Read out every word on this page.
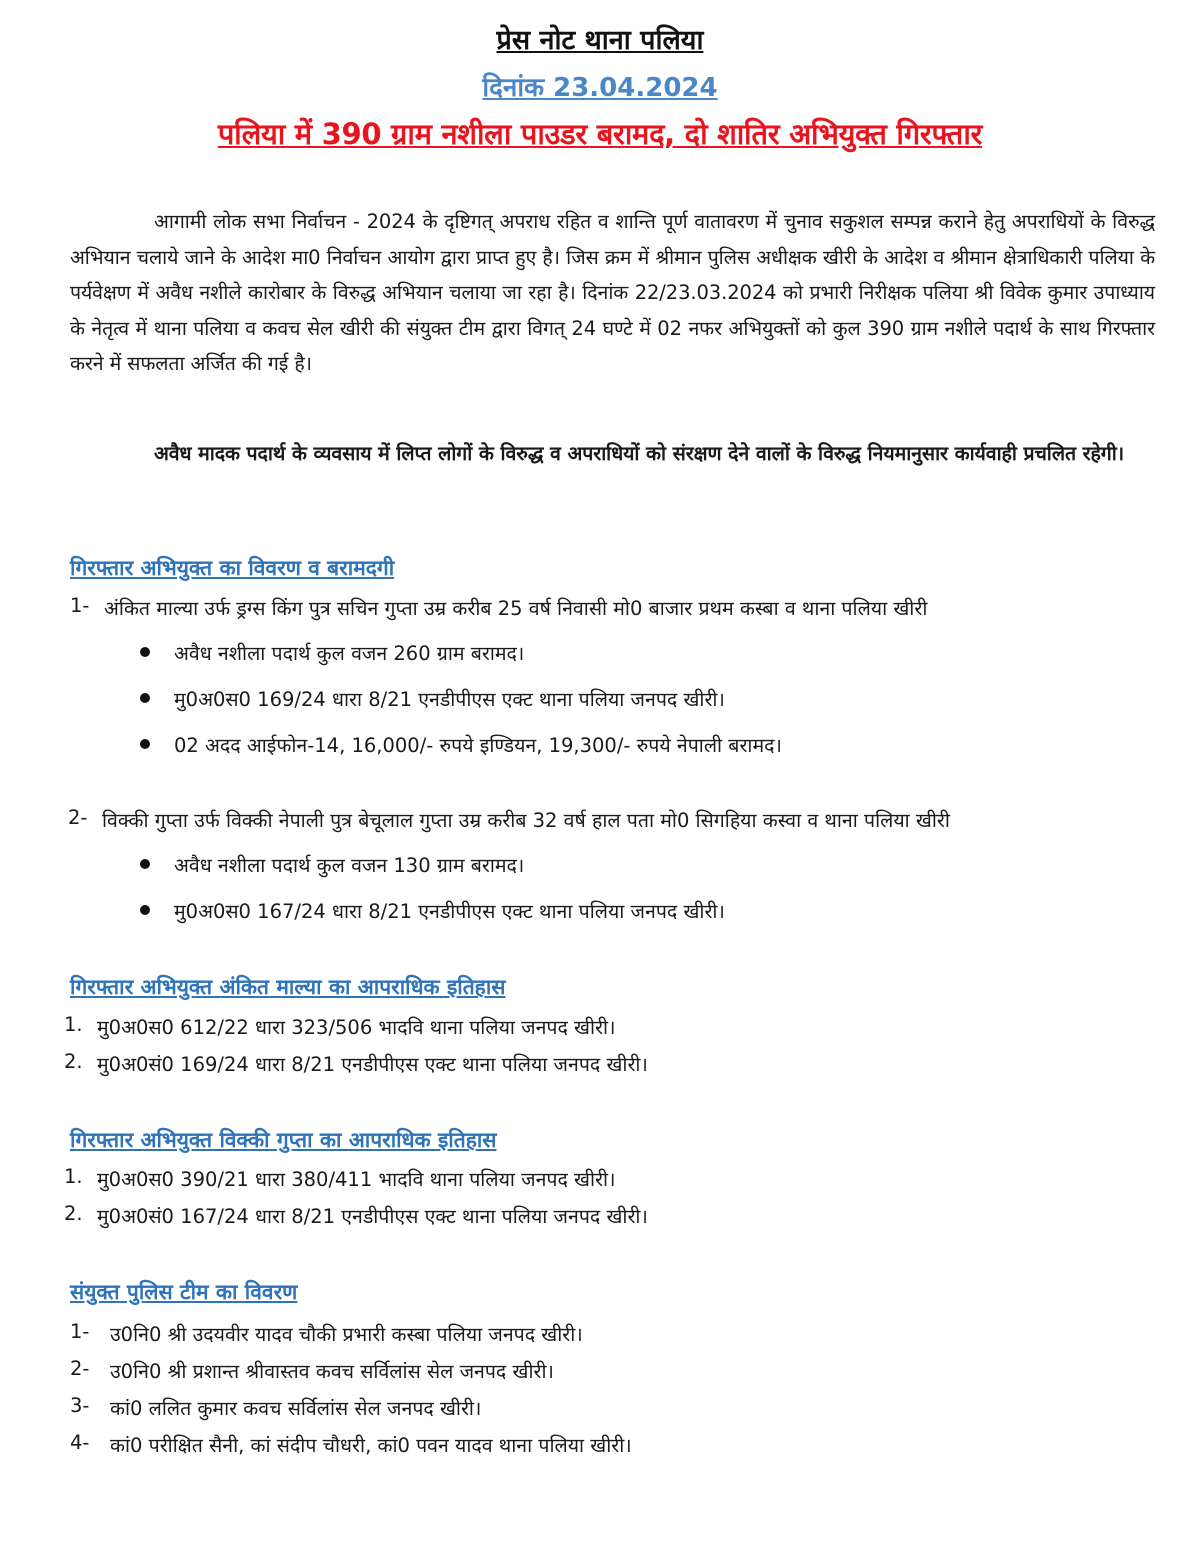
प्रेस नोट थाना पलिया
दिनांक 23.04.2024
पलिया में 390 ग्राम नशीला पाउडर बरामद, दो शातिर अभियुक्त गिरफ्तार
आगामी लोक सभा निर्वाचन - 2024 के दृष्टिगत् अपराध रहित व शान्ति पूर्ण वातावरण में चुनाव सकुशल सम्पन्न कराने हेतु अपराधियों के विरुद्ध अभियान चलाये जाने के आदेश मा0 निर्वाचन आयोग द्वारा प्राप्त हुए है। जिस क्रम में श्रीमान पुलिस अधीक्षक खीरी के आदेश व श्रीमान क्षेत्राधिकारी पलिया के पर्यवेक्षण में अवैध नशीले कारोबार के विरुद्ध अभियान चलाया जा रहा है। दिनांक 22/23.03.2024 को प्रभारी निरीक्षक पलिया श्री विवेक कुमार उपाध्याय के नेतृत्व में थाना पलिया व कवच सेल खीरी की संयुक्त टीम द्वारा विगत् 24 घण्टे में 02 नफर अभियुक्तों को कुल 390 ग्राम नशीले पदार्थ के साथ गिरफ्तार करने में सफलता अर्जित की गई है।
अवैध मादक पदार्थ के व्यवसाय में लिप्त लोगों के विरुद्ध व अपराधियों को संरक्षण देने वालों के विरुद्ध नियमानुसार कार्यवाही प्रचलित रहेगी।
गिरफ्तार अभियुक्त का विवरण व बरामदगी
1- अंकित माल्या उर्फ ड्रग्स किंग पुत्र सचिन गुप्ता उम्र करीब 25 वर्ष निवासी मो0 बाजार प्रथम कस्बा व थाना पलिया खीरी
अवैध नशीला पदार्थ कुल वजन 260 ग्राम बरामद।
मु0अ0स0 169/24 धारा 8/21 एनडीपीएस एक्ट थाना पलिया जनपद खीरी।
02 अदद आईफोन-14, 16,000/- रुपये इण्डियन, 19,300/- रुपये नेपाली बरामद।
2- विक्की गुप्ता उर्फ विक्की नेपाली पुत्र बेचूलाल गुप्ता उम्र करीब 32 वर्ष हाल पता मो0 सिगहिया कस्वा व थाना पलिया खीरी
अवैध नशीला पदार्थ कुल वजन 130 ग्राम बरामद।
मु0अ0स0 167/24 धारा 8/21 एनडीपीएस एक्ट थाना पलिया जनपद खीरी।
गिरफ्तार अभियुक्त अंकित माल्या का आपराधिक इतिहास
1. मु0अ0स0 612/22 धारा 323/506 भादवि थाना पलिया जनपद खीरी।
2. मु0अ0सं0 169/24 धारा 8/21 एनडीपीएस एक्ट थाना पलिया जनपद खीरी।
गिरफ्तार अभियुक्त विक्की गुप्ता का आपराधिक इतिहास
1. मु0अ0स0 390/21 धारा 380/411 भादवि थाना पलिया जनपद खीरी।
2. मु0अ0सं0 167/24 धारा 8/21 एनडीपीएस एक्ट थाना पलिया जनपद खीरी।
संयुक्त पुलिस टीम का विवरण
1- उ0नि0 श्री उदयवीर यादव चौकी प्रभारी कस्बा पलिया जनपद खीरी।
2- उ0नि0 श्री प्रशान्त श्रीवास्तव कवच सर्विलांस सेल जनपद खीरी।
3- कां0 ललित कुमार कवच सर्विलांस सेल जनपद खीरी।
4- कां0 परीक्षित सैनी, कां संदीप चौधरी, कां0 पवन यादव थाना पलिया खीरी।
